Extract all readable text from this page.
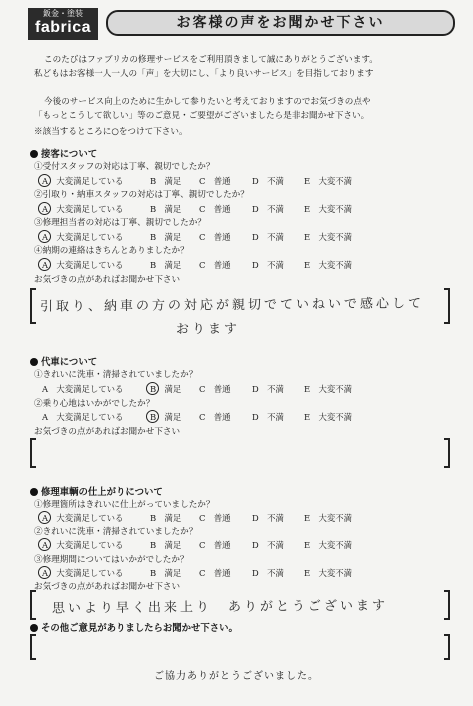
鈑金・塗装
fabrica	お客様の声をお聞かせ下さい
このたびはファブリカの修理サービスをご利用頂きまして誠にありがとうございます。
私どもはお客様一人一人の「声」を大切にし、「より良いサービス」を目指しております
今後のサービス向上のために生かして参りたいと考えておりますのでお気づきの点や
「もっとこうして欲しい」等のご意見・ご要望がございましたら是非お聞かせ下さい。
※該当するところに○をつけて下さい。
接客について
①受付スタッフの対応は丁寧、親切でしたか？
A　大変満足している	B　満足 C　普通	D　不満 E　大変不満
②引取り・納車スタッフの対応は丁寧、親切でしたか？
A　大変満足している	B　満足 C　普通	D　不満 E　大変不満
③修理担当者の対応は丁寧、親切でしたか？
A　大変満足している	B　満足 C　普通	D　不満 E　大変不満
④納期の連絡はきちんとありましたか？
A　大変満足している	B　満足 C　普通	D　不満 E　大変不満
お気づきの点があればお聞かせ下さい
引取り、納車の方の対応が親切でていねいで感心して
おります
代車について
①きれいに洗車・清掃されていましたか？
A　大変満足している	B　満足 C　普通	D　不満 E　大変不満
②乗り心地はいかがでしたか？
A　大変満足している	B　満足 C　普通	D　不満 E　大変不満
お気づきの点があればお聞かせ下さい
修理車輌の仕上がりについて
①修理箇所はきれいに仕上がっていましたか？
A　大変満足している	B　満足 C　普通	D　不満 E　大変不満
②きれいに洗車・清掃されていましたか？
A　大変満足している	B　満足 C　普通	D　不満 E　大変不満
③修理期間についてはいかがでしたか？
A　大変満足している	B　満足 C　普通	D　不満 E　大変不満
お気づきの点があればお聞かせ下さい
思いより早く出来上り　ありがとうございます
その他ご意見がありましたらお聞かせ下さい。
ご協力ありがとうございました。
